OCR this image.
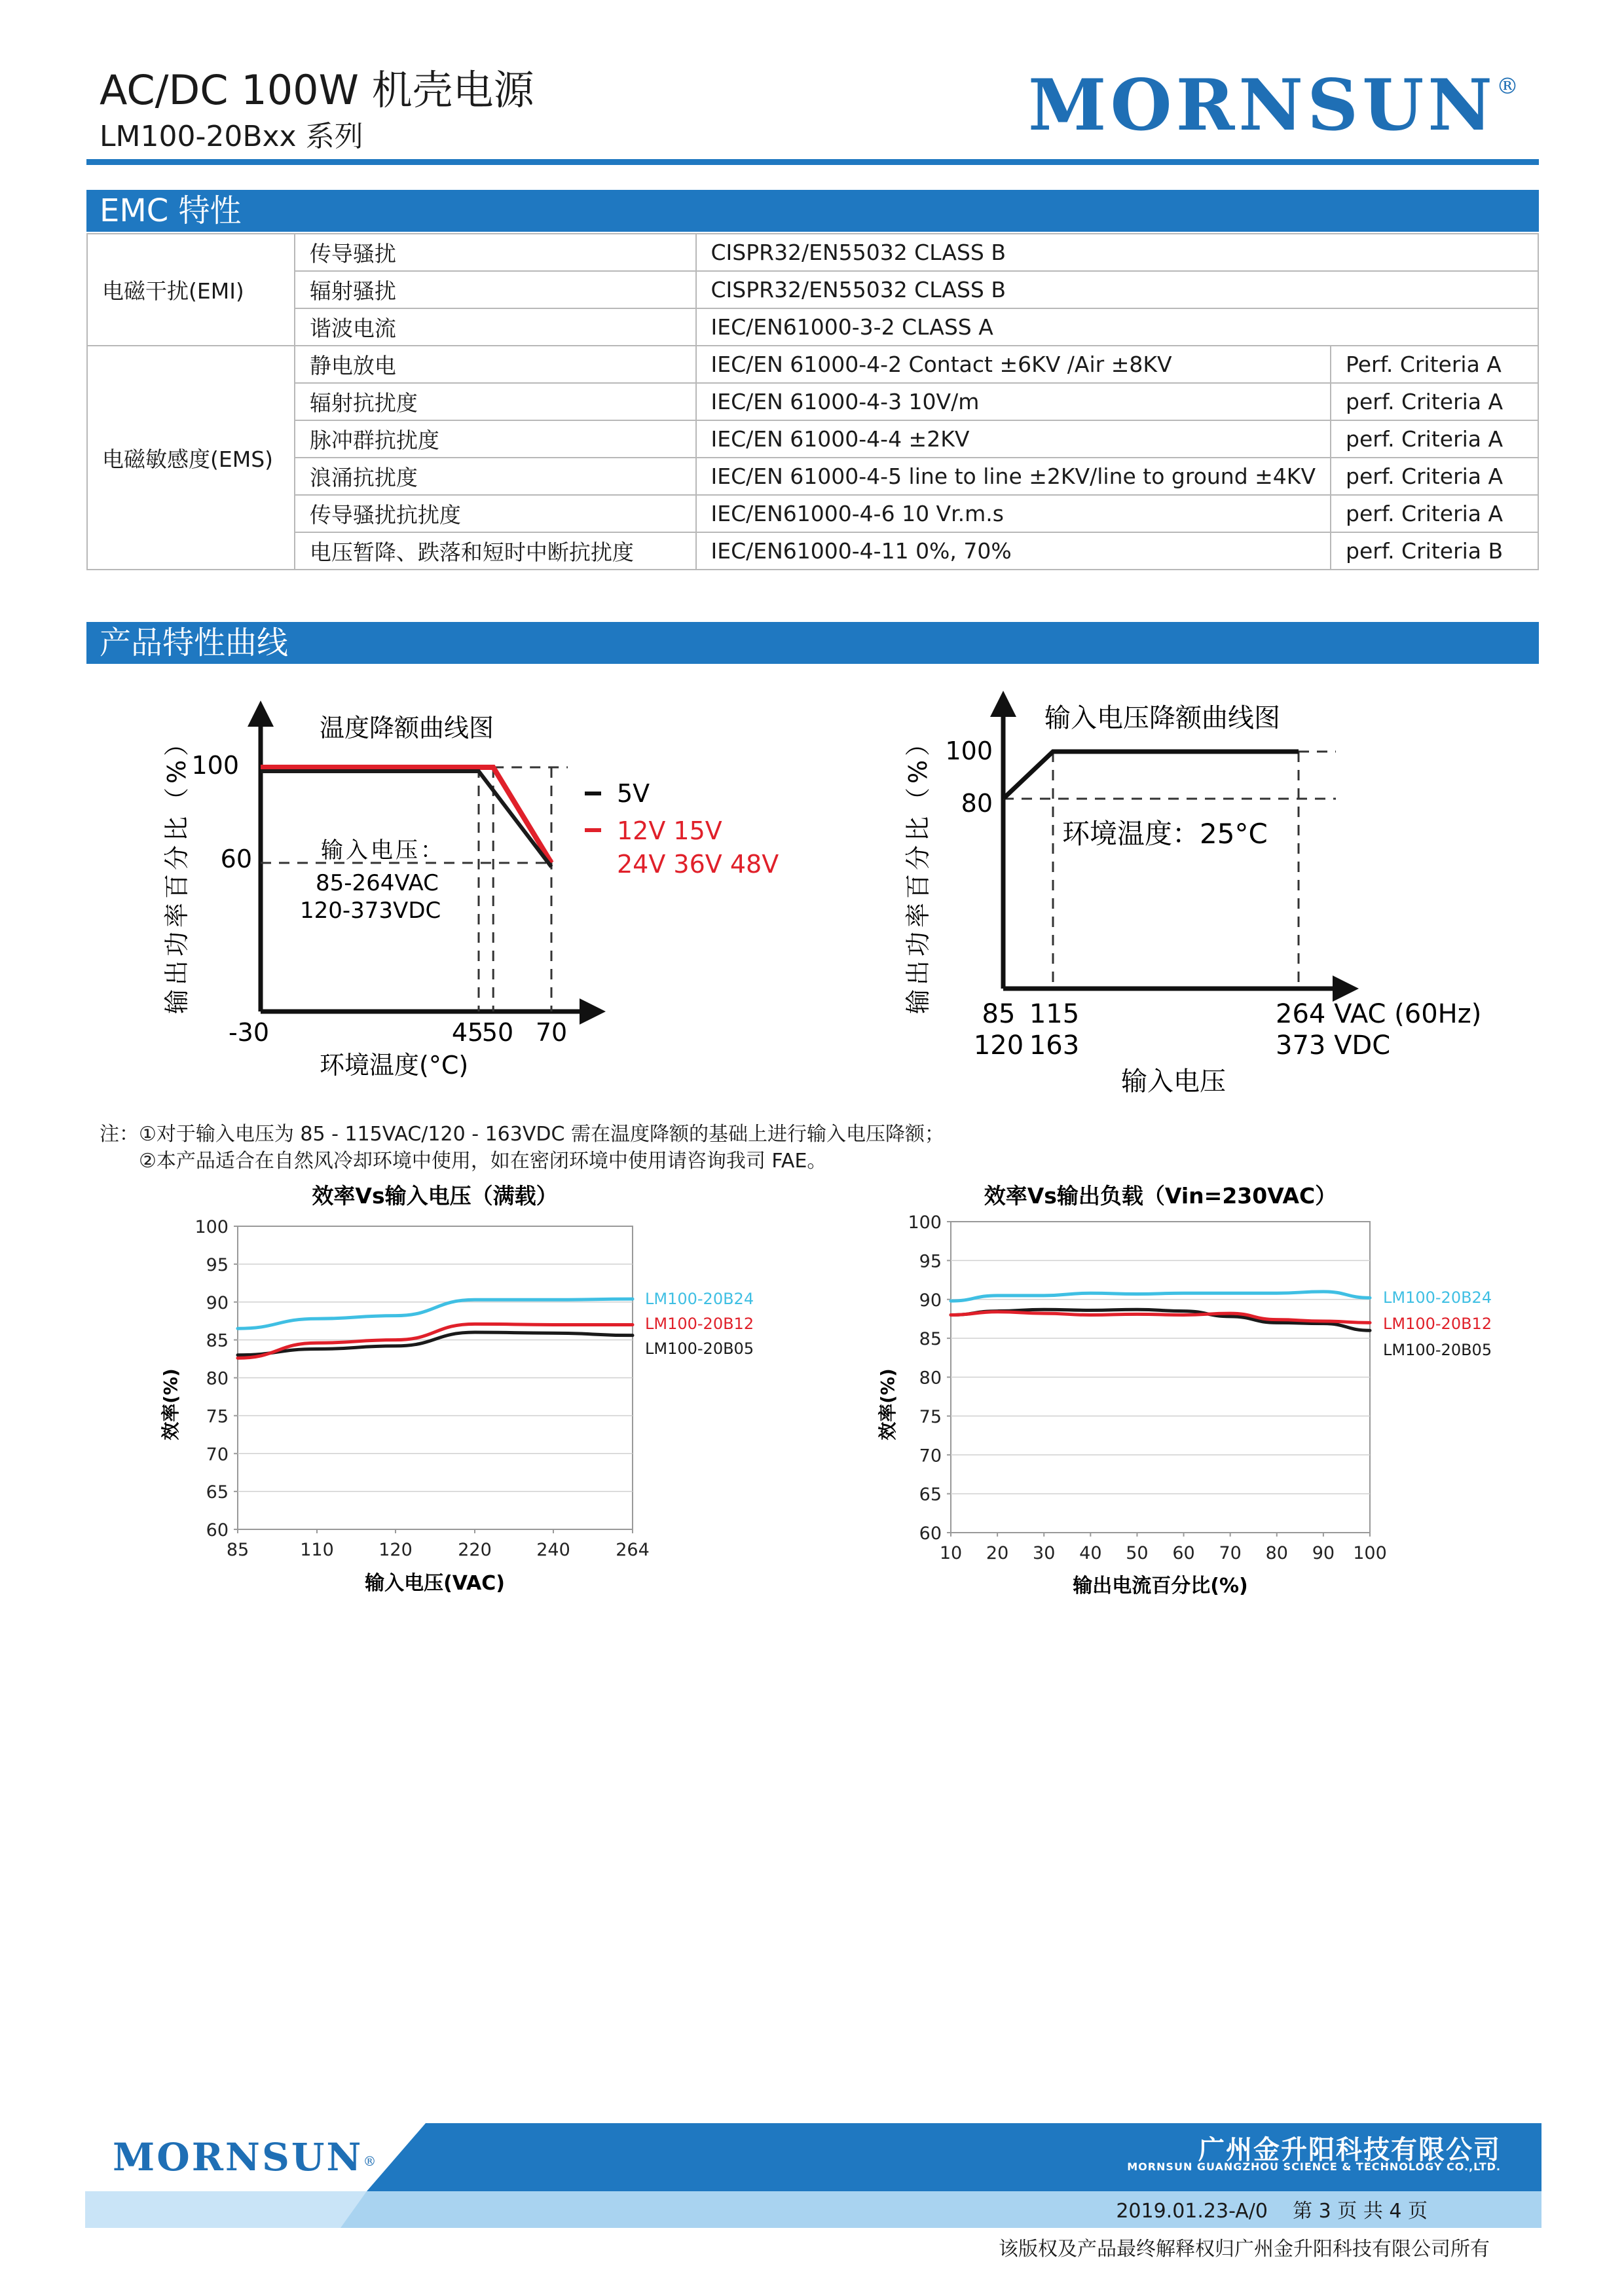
AC/DC 100W 机壳电源
LM100-20Bxx 系列	MORNSUN®
EMC 特性
电磁干扰(EMI)	传导骚扰	CISPR32/EN55032 CLASS B	
	辐射骚扰	CISPR32/EN55032 CLASS B	
	谐波电流	IEC/EN61000-3-2 CLASS A	
电磁敏感度(EMS)	静电放电	IEC/EN 61000-4-2 Contact ±6KV /Air ±8KV	Perf. Criteria A
	辐射抗扰度	IEC/EN 61000-4-3 10V/m	perf. Criteria A
	脉冲群抗扰度	IEC/EN 61000-4-4 ±2KV	perf. Criteria A
	浪涌抗扰度	IEC/EN 61000-4-5 line to line ±2KV/line to ground ±4KV	perf. Criteria A
	传导骚扰抗扰度	IEC/EN61000-4-6 10 Vr.m.s	perf. Criteria A
	电压暂降、跌落和短时中断抗扰度	IEC/EN61000-4-11 0%, 70%	perf. Criteria B
产品特性曲线
温度降额曲线图
100
60
-30	45
50 70
环境温度(°C)
输出功率百分比（%）	输入电压：
85-264VAC
120-373VDC
5V
12V 15V
24V 36V 48V
输入电压降额曲线图
100
80
环境温度：25°C
85 115	264 VAC (60Hz)
120 163	373 VDC
输入电压
输出功率百分比（%）
100
95
90
85
80
75
70
65
60
85	110	120	220	240	264
LM100-20B24
LM100-20B12
LM100-20B05
效率Vs输入电压（满载）
输入电压(VAC)
效率(%)
100
95
90
85
80
75
70
65
60
10 20 30 40 50 60 70 80 90 100
LM100-20B24
LM100-20B12
LM100-20B05
效率Vs输出负载（Vin=230VAC）
输出电流百分比(%)
效率(%)
注：①对于输入电压为 85 - 115VAC/120 - 163VDC 需在温度降额的基础上进行输入电压降额；
②本产品适合在自然风冷却环境中使用，如在密闭环境中使用请咨询我司 FAE。
MORNSUN®	广州金升阳科技有限公司
MORNSUN GUANGZHOU SCIENCE & TECHNOLOGY CO.,LTD.
2019.01.23-A/0 第 3 页 共 4 页
该版权及产品最终解释权归广州金升阳科技有限公司所有
